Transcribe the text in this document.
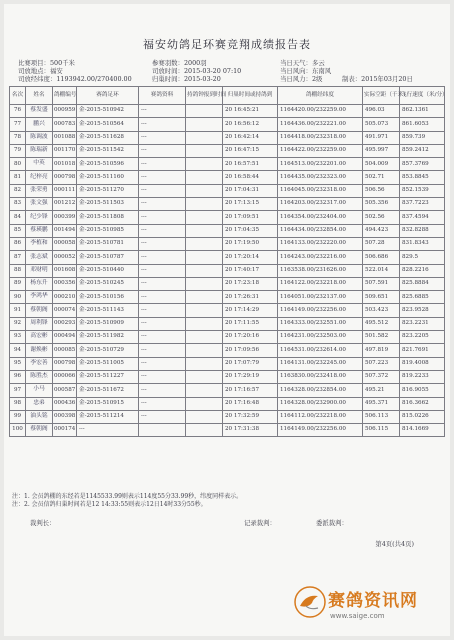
福安幼鸽足环赛竞翔成绩报告表
比赛项目：500千米
司放地点：福安
司放经纬度：1193942.00/270400.00
参赛羽数：2000羽
司放时间：2015-03-20 07:10
归巢时间：2015-03-20
当日天气：多云
当日风向：东南风
当日风力：2级	制表：2015年03月20日
名次	姓名	鸽棚编号	赛鸽足环	赛鸽资料	持鸽钟报到时间	归巢时间或持鸽到	鸽棚经纬度	实际空距（千米）	飞行速度（米/分）
76	蔡发盛	000959	金-2015-510942	---		20 16:45:21	1164420.00/232259.00	496.03	862.1361
77	鹏兴	000783	金-2015-510564	---		20 16:56:12	1164436.00/232221.00	505.073	861.6053
78	陈调波	001088	金-2015-511628	---		20 16:42:14	1164418.00/232318.00	491.971	859.739
79	陈瑞新	001170	金-2015-511542	---		20 16:47:15	1164422.00/232259.00	495.997	859.2412
80	中英	001018	金-2015-510596	---		20 16:57:51	1164513.00/232201.00	504.009	857.3769
81	纪梓亮	000798	金-2015-511160	---		20 16:58:44	1164435.00/232323.00	502.71	853.8845
82	张荣勇	000111	金-2015-511270	---		20 17:04:31	1164045.00/232318.00	506.56	852.1539
83	张文强	001212	金-2015-511503	---		20 17:13:15	1164203.00/232317.00	505.356	837.7223
84	纪少锋	000399	金-2015-511808	---		20 17:09:51	1164354.00/232404.00	502.56	837.4594
85	蔡瑛鹏	001494	金-2015-510985	---		20 17:04:35	1164434.00/232854.00	494.423	832.8288
86	李植和	000058	金-2015-510781	---		20 17:19:50	1164133.00/232220.00	507.28	831.8343
87	张志斌	000052	金-2015-510787	---		20 17:20:14	1164243.00/232216.00	506.686	829.5
88	邓财明	001608	金-2015-510440	---		20 17:40:17	1163538.00/231626.00	522.014	828.2216
89	杨东升	000356	金-2015-510245	---		20 17:23:18	1164122.00/232218.00	507.591	825.8884
90	李鸿华	000210	金-2015-510156	---		20 17:26:31	1164051.00/232137.00	509.651	825.6885
91	蔡朝阁	000074	金-2015-511143	---		20 17:14:29	1164149.00/232256.00	503.423	823.9528
92	周利锋	000293	金-2015-510909	---		20 17:11:55	1164333.00/232551.00	495.512	823.2231
93	高宏彬	000494	金-2015-511982	---		20 17:20:16	1164231.00/232503.00	501.582	823.2205
94	谢焕彬	000085	金-2015-510729	---		20 17:09:56	1164531.00/232614.00	497.819	821.7691
95	李宏善	000798	金-2015-511005	---		20 17:07:79	1164131.00/232245.00	507.223	819.4008
96	陈胜杰	000066	金-2015-511227	---		20 17:29:19	1163830.00/232418.00	507.372	819.2233
97	小马	000587	金-2015-511672	---		20 17:16:57	1164328.00/232854.00	495.21	816.9055
98	忠弟	000436	金-2015-510915	---		20 17:16:48	1164328.00/232900.00	495.371	816.3662
99	油头铭	000398	金-2015-511214	---		20 17:32:59	1164112.00/232218.00	506.113	815.0226
100	蔡朝阁	000174	---			20 17:31:38	1164149.00/232256.00	506.115	814.1669
注：1. 会员鸽棚的东经若是1145533.99则表示114度55分33.99秒，纬度同样表示。
注：2. 会员信鸽归巢时间若是12 14:33:55则表示12日14时33分55秒。
裁判长：	记录裁判：	委派裁判：
第4页(共4页)
赛鸽资讯网
www.saige.com
